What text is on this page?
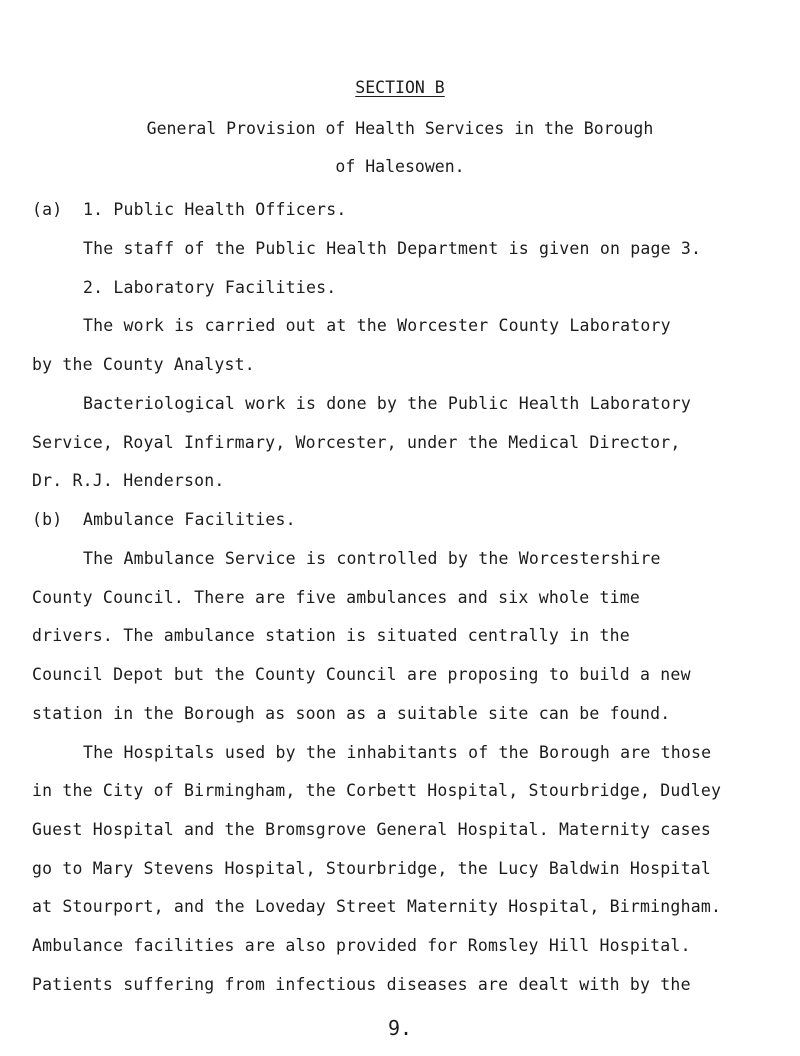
SECTION B
General Provision of Health Services in the Borough
of Halesowen.
(a) 1. Public Health Officers.
The staff of the Public Health Department is given on page 3.
2. Laboratory Facilities.
The work is carried out at the Worcester County Laboratory
by the County Analyst.
Bacteriological work is done by the Public Health Laboratory
Service, Royal Infirmary, Worcester, under the Medical Director,
Dr. R.J. Henderson.
(b) Ambulance Facilities.
The Ambulance Service is controlled by the Worcestershire
County Council. There are five ambulances and six whole time
drivers. The ambulance station is situated centrally in the
Council Depot but the County Council are proposing to build a new
station in the Borough as soon as a suitable site can be found.
The Hospitals used by the inhabitants of the Borough are those
in the City of Birmingham, the Corbett Hospital, Stourbridge, Dudley
Guest Hospital and the Bromsgrove General Hospital. Maternity cases
go to Mary Stevens Hospital, Stourbridge, the Lucy Baldwin Hospital
at Stourport, and the Loveday Street Maternity Hospital, Birmingham.
Ambulance facilities are also provided for Romsley Hill Hospital.
Patients suffering from infectious diseases are dealt with by the
9.
